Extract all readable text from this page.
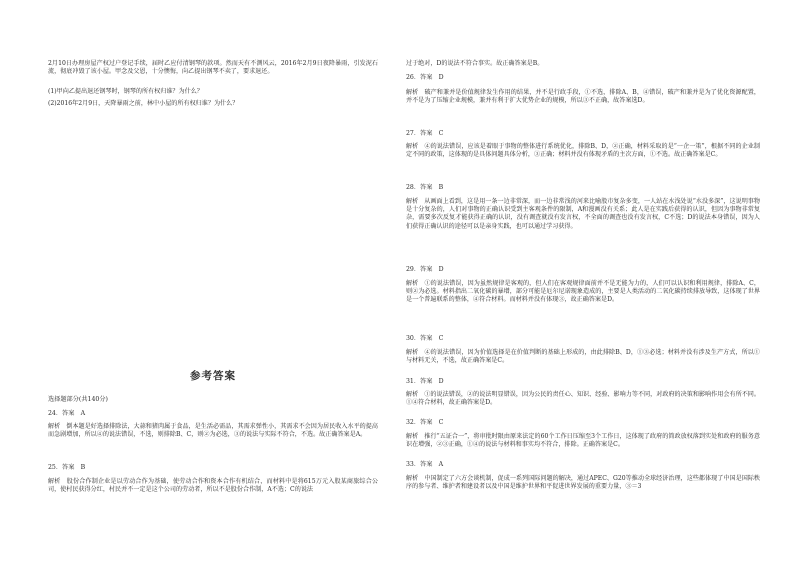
2月10日办理房屋产权过户登记手续，届时乙应付清钢琴的款项。然而天有不测风云，2016年2月9日夜降暴雨，引发泥石流，彻底冲毁了该小屋。甲念及父恩，十分懊悔，向乙提出钢琴不卖了，要求退还。
(1)甲向乙提出退还钢琴时，钢琴的所有权归谁？为什么？
(2)2016年2月9日，天降暴雨之前，林中小屋的所有权归谁？为什么？
参考答案
选择题部分(共140分)
24．答案　A
解析　倒本题是好选择排除法，大蒜和猪肉属于食品，是生活必需品，其需求弹性小，其需求不会因为居民收入水平的提高而急剧增加，所以④的说法错误，不选，则排除B、C，则②为必选，③的说法与实际不符合，不选。故正确答案是A。
25．答案　B
解析　股份合作制企业是以劳动合作为基础，使劳动合作和资本合作有机结合，而材料中是将615万元入股某商旅综合公司，使村民获得分红，村民并不一定是这个公司的劳动者，所以不是股份合作制，A不选；C的说法
过于绝对，D的说法不符合事实。故正确答案是B。
26．答案　D
解析　破产和兼并是价值规律发生作用的结果，并不是行政手段，①不选，排除A、B，④错误，破产和兼并是为了优化资源配置，并不是为了压缩企业规模，兼并有利于扩大优势企业的规模，所以③不正确，故答案选D。
27．答案　C
解析　④的说法错误，应该是着眼于事物的整体进行系统优化，排除B、D，②正确，材料采取的是“一企一策”，根据不同的企业制定不同的政策，这体现的是具体问题具体分析，③正确；材料并没有体现矛盾的主次方面，①不选。故正确答案是C。
28．答案　B
解析　从画面上看到，这是用一条一边非常深，而一边非常浅的河来比喻股市复杂多变，一人站在水浅处说“水没多深”，这说明事物是十分复杂的，人们对事物的正确认识受到主客观条件的限制，A和漫画没有关系；此人是在实践后获得的认识，但因为事物非常复杂，需要多次反复才能获得正确的认识，没有调查就没有发言权，不全面的调查也没有发言权，C不选；D的说法本身错误，因为人们获得正确认识的途径可以是亲身实践，也可以通过学习获得。
29．答案　D
解析　①的说法错误，因为虽然规律是客观的，但人们在客观规律面前并不是无能为力的，人们可以认识和利用规律，排除A、C，则②为必选。材料指出二氧化碳的暴增，部分可能是厄尔尼诺现象造成的，主要是人类活动的二氧化碳持续排放导致，这体现了世界是一个普遍联系的整体，④符合材料。而材料并没有体现③，故正确答案是D。
30．答案　C
解析　④的说法错误，因为价值选择是在价值判断的基础上形成的，由此排除B、D，①③必选；材料并没有涉及生产方式，所以①与材料无关，不选，故正确答案是C。
31．答案　D
解析　①的说法错误，②的说法明显错误，因为公民的责任心、知识、经验、影响力等不同，对政府的决策和影响作用会有所不同。①④符合材料，故正确答案是D。
32．答案　C
解析　推行“五证合一”，将审批时限由原来法定的60个工作日压缩至3个工作日，这体现了政府的简政放权落到实处和政府的服务意识在增强，②③正确，①④的说法与材料和事实均不符合，排除。正确答案是C。
33．答案　A
解析　中国制定了六方会谈机制，促成一系列国际问题的解决，通过APEC、G20等推动全球经济治理，这些都体现了中国是国际秩序的参与者、维护者和建设者以及中国是维护世界和平促进世界发展的重要力量，③＝3
